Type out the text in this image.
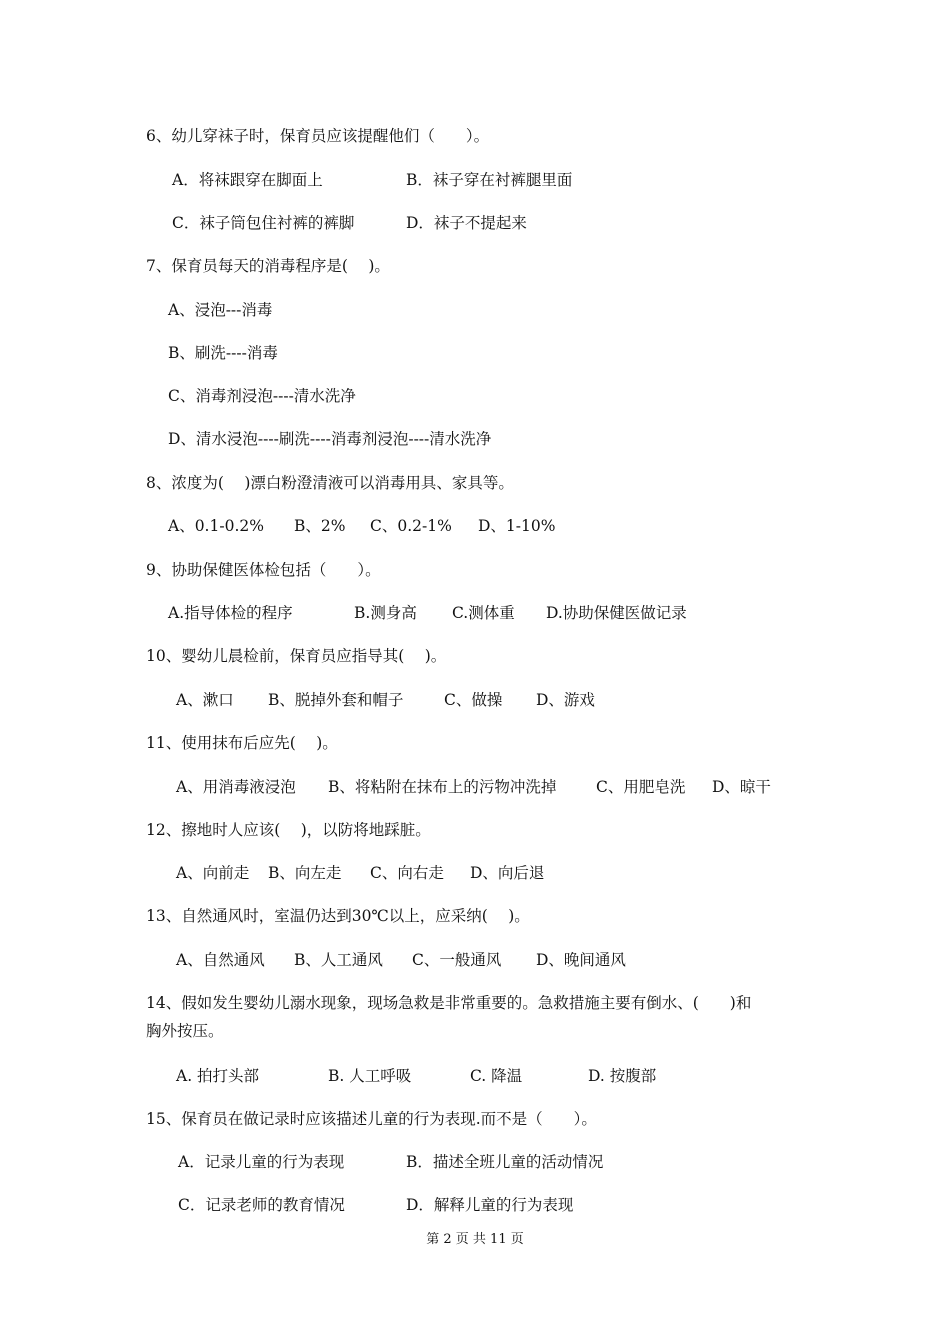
6、幼儿穿袜子时，保育员应该提醒他们（　　）。
A．将袜跟穿在脚面上	B．袜子穿在衬裤腿里面
C．袜子筒包住衬裤的裤脚	D．袜子不提起来
7、保育员每天的消毒程序是(　 )。
A、浸泡---消毒
B、刷洗----消毒
C、消毒剂浸泡----清水洗净
D、清水浸泡----刷洗----消毒剂浸泡----清水洗净
8、浓度为(　 )漂白粉澄清液可以消毒用具、家具等。
A、0.1-0.2% B、2% C、0.2-1% D、1-10%
9、协助保健医体检包括（　　）。
A.指导体检的程序	B.测身高 C.测体重 D.协助保健医做记录
10、婴幼儿晨检前，保育员应指导其(　 )。
A、漱口 B、脱掉外套和帽子	C、做操 D、游戏
11、使用抹布后应先(　 )。
A、用消毒液浸泡 B、将粘附在抹布上的污物冲洗掉	C、用肥皂洗 D、晾干
12、擦地时人应该(　 )，以防将地踩脏。
A、向前走 B、向左走 C、向右走 D、向后退
13、自然通风时，室温仍达到30℃以上，应采纳(　 )。
A、自然通风 B、人工通风 C、一般通风 D、晚间通风
14、假如发生婴幼儿溺水现象，现场急救是非常重要的。急救措施主要有倒水、(　　)和
胸外按压。
A. 拍打头部	B. 人工呼吸	C. 降温	D. 按腹部
15、保育员在做记录时应该描述儿童的行为表现.而不是（　　）。
A．记录儿童的行为表现	B．描述全班儿童的活动情况
C．记录老师的教育情况	D．解释儿童的行为表现
第 2 页 共 11 页
